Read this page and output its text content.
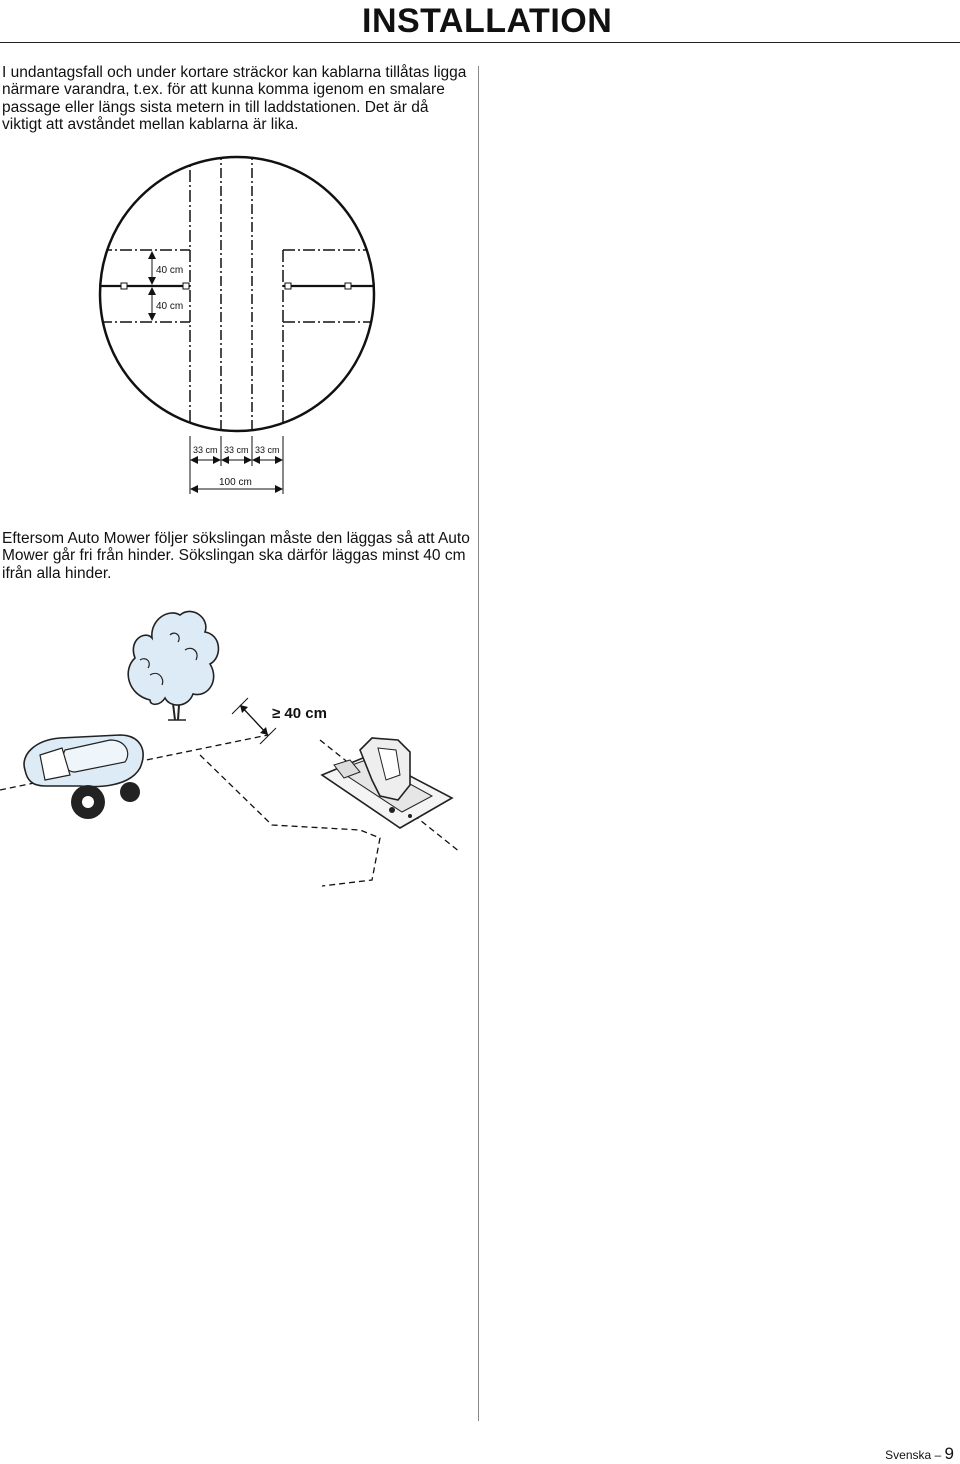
INSTALLATION

I undantagsfall och under kortare sträckor kan kablarna tillåtas ligga närmare varandra, t.ex. för att kunna komma igenom en smalare passage eller längs sista metern in till laddstationen. Det är då viktigt att avståndet mellan kablarna är lika.

40 cm
40 cm
33 cm 33 cm 33 cm
100 cm

Eftersom Auto Mower följer sökslingan måste den läggas så att Auto Mower går fri från hinder. Sökslingan ska därför läggas minst 40 cm ifrån alla hinder.

≥ 40 cm
Svenska – 9
